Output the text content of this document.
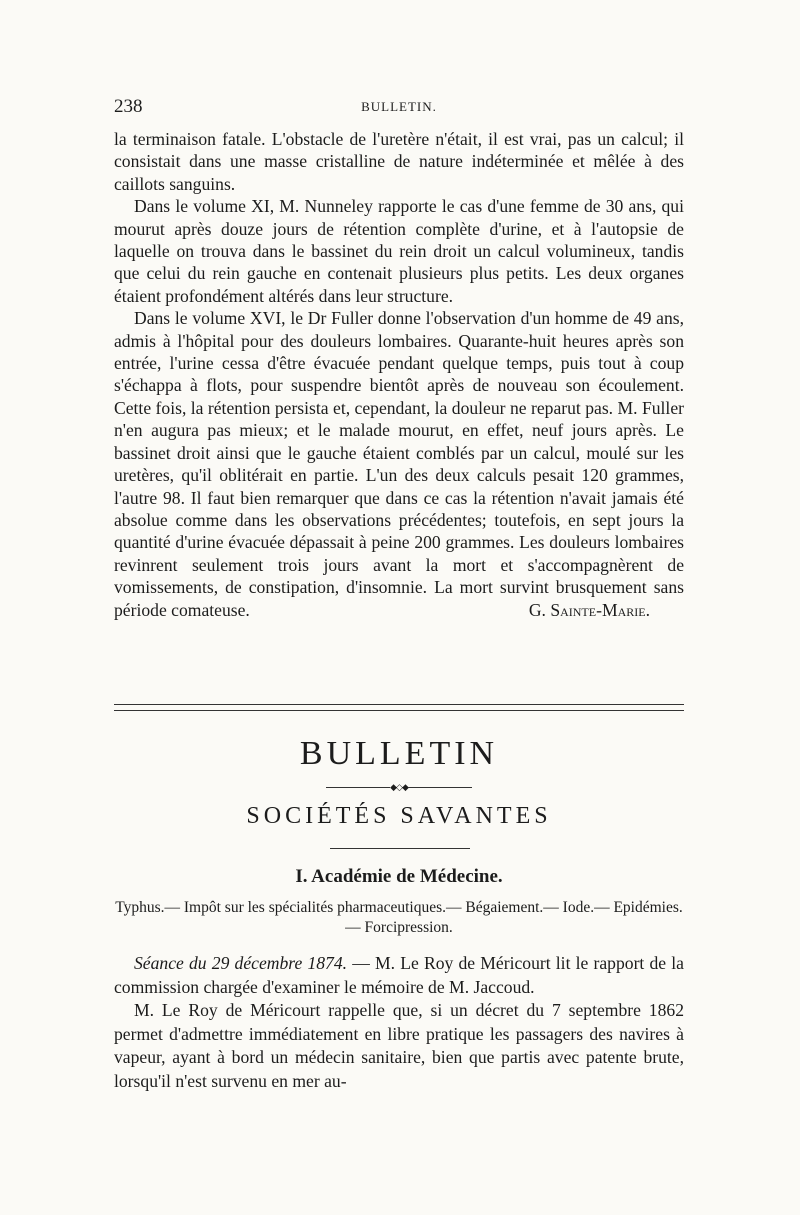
238	BULLETIN.

la terminaison fatale. L'obstacle de l'uretère n'était, il est vrai, pas un calcul; il consistait dans une masse cristalline de nature indéterminée et mêlée à des caillots sanguins.

Dans le volume XI, M. Nunneley rapporte le cas d'une femme de 30 ans, qui mourut après douze jours de rétention complète d'urine, et à l'autopsie de laquelle on trouva dans le bassinet du rein droit un calcul volumineux, tandis que celui du rein gauche en contenait plusieurs plus petits. Les deux organes étaient profondément altérés dans leur structure.

Dans le volume XVI, le Dr Fuller donne l'observation d'un homme de 49 ans, admis à l'hôpital pour des douleurs lombaires. Quarante-huit heures après son entrée, l'urine cessa d'être évacuée pendant quelque temps, puis tout à coup s'échappa à flots, pour suspendre bientôt après de nouveau son écoulement. Cette fois, la rétention persista et, cependant, la douleur ne reparut pas. M. Fuller n'en augura pas mieux; et le malade mourut, en effet, neuf jours après. Le bassinet droit ainsi que le gauche étaient comblés par un calcul, moulé sur les uretères, qu'il oblitérait en partie. L'un des deux calculs pesait 120 grammes, l'autre 98. Il faut bien remarquer que dans ce cas la rétention n'avait jamais été absolue comme dans les observations précédentes; toutefois, en sept jours la quantité d'urine évacuée dépassait à peine 200 grammes. Les douleurs lombaires revinrent seulement trois jours avant la mort et s'accompagnèrent de vomissements, de constipation, d'insomnie. La mort survint brusquement sans période comateuse.	G. Sainte-Marie.

BULLETIN
◆◇◆
SOCIÉTÉS SAVANTES
I. Académie de Médecine.
Typhus.— Impôt sur les spécialités pharmaceutiques.— Bégaiement.— Iode.— Epidémies.— Forcipression.

Séance du 29 décembre 1874. — M. Le Roy de Méricourt lit le rapport de la commission chargée d'examiner le mémoire de M. Jaccoud.

M. Le Roy de Méricourt rappelle que, si un décret du 7 septembre 1862 permet d'admettre immédiatement en libre pratique les passagers des navires à vapeur, ayant à bord un médecin sanitaire, bien que partis avec patente brute, lorsqu'il n'est survenu en mer au-
